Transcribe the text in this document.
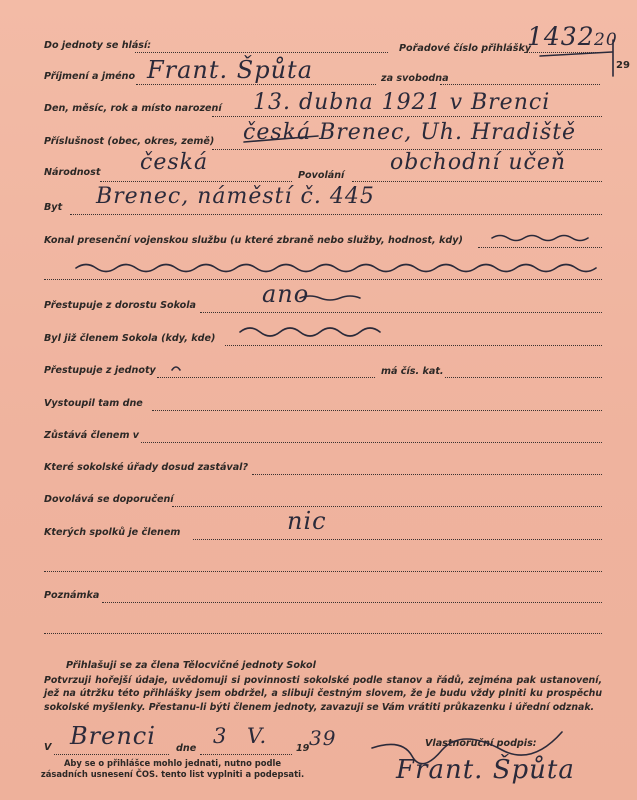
Do jednoty se hlásí:	Pořadové číslo přihlášky
1432 20
29
Příjmení a jméno Frant. Špůta	za svobodna
Den, měsíc, rok a místo narození 13. dubna 1921 v Brenci
Příslušnost (obec, okres, země) česká Brenec, Uh. Hradiště
Národnost česká
Povolání
obchodní učeň
Byt Brenec, náměstí č. 445
Konal presenční vojenskou službu (u které zbraně nebo služby, hodnost, kdy)
Přestupuje z dorostu Sokola	ano
Byl již členem Sokola (kdy, kde)
Přestupuje z jednoty	má čís. kat.
Vystoupil tam dne
Zůstává členem v
Které sokolské úřady dosud zastával?
Dovolává se doporučení
Kterých spolků je členem	nic
Poznámka
Přihlašuji se za člena Tělocvičné jednoty Sokol
Potvrzuji hořejší údaje, uvědomuji si povinnosti sokolské podle stanov a řádů, zejména pak ustanovení, jež na útržku této přihlášky jsem obdržel, a slibuji čestným slovem, že je budu vždy plniti ku prospěchu sokolské myšlenky. Přestanu-li býti členem jednoty, zavazuji se Vám vrátiti průkazenku i úřední odznak.
V Brenci dne
3 V.
19 39	Vlastnoruční podpis:
Frant. Špůta
Aby se o přihlášce mohlo jednati, nutno podle zásadních usnesení ČOS. tento list vyplniti a podepsati.
